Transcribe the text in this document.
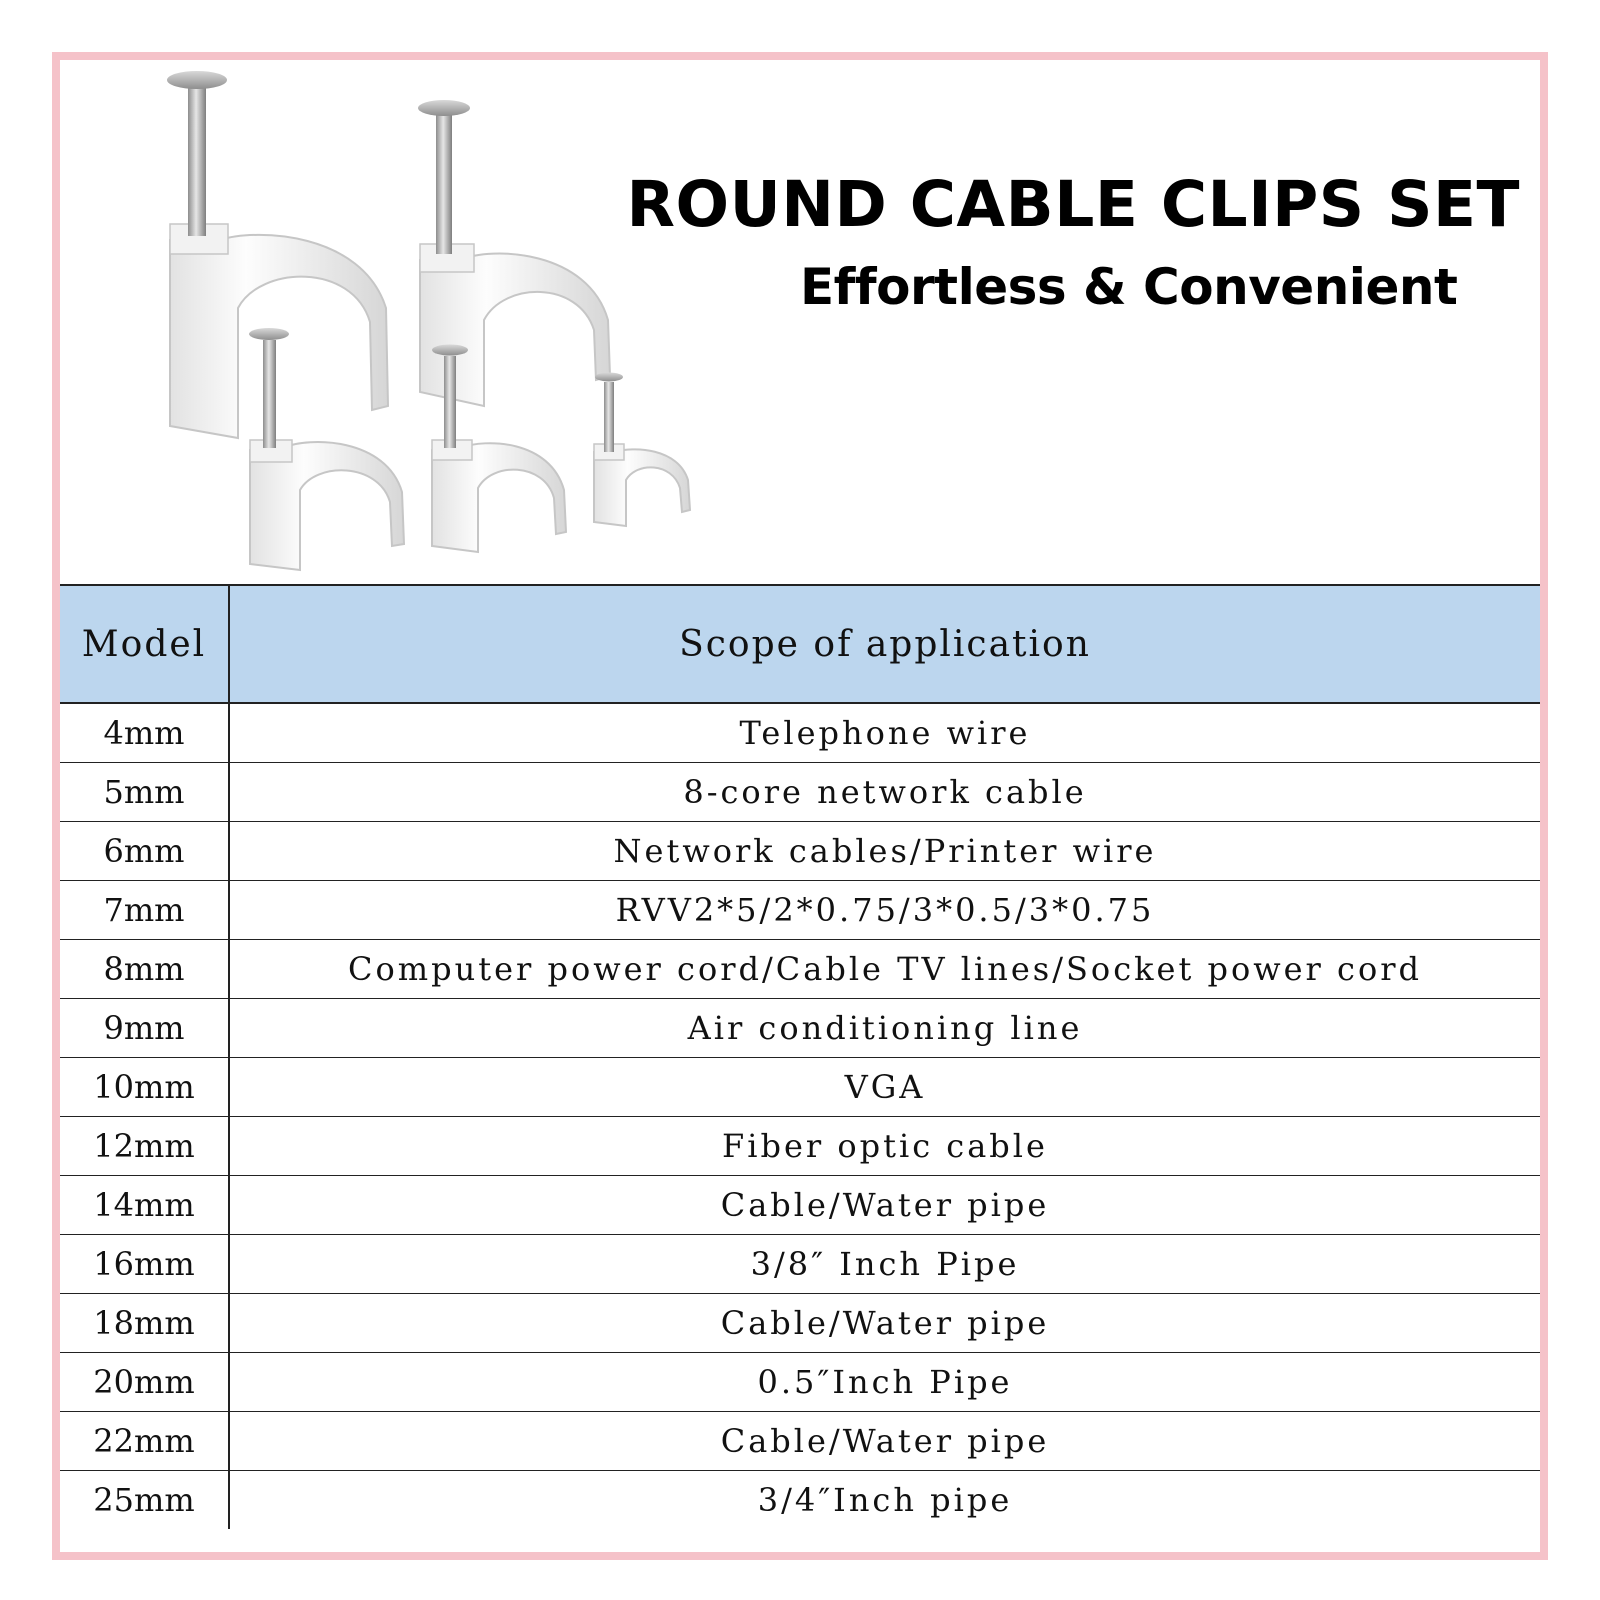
ROUND CABLE CLIPS SET
Effortless & Convenient
Model	Scope of application
4mm	Telephone wire
5mm	8-core network cable
6mm	Network cables/Printer wire
7mm	RVV2*5/2*0.75/3*0.5/3*0.75
8mm	Computer power cord/Cable TV lines/Socket power cord
9mm	Air conditioning line
10mm	VGA
12mm	Fiber optic cable
14mm	Cable/Water pipe
16mm	3/8″ Inch Pipe
18mm	Cable/Water pipe
20mm	0.5″Inch Pipe
22mm	Cable/Water pipe
25mm	3/4″Inch pipe
